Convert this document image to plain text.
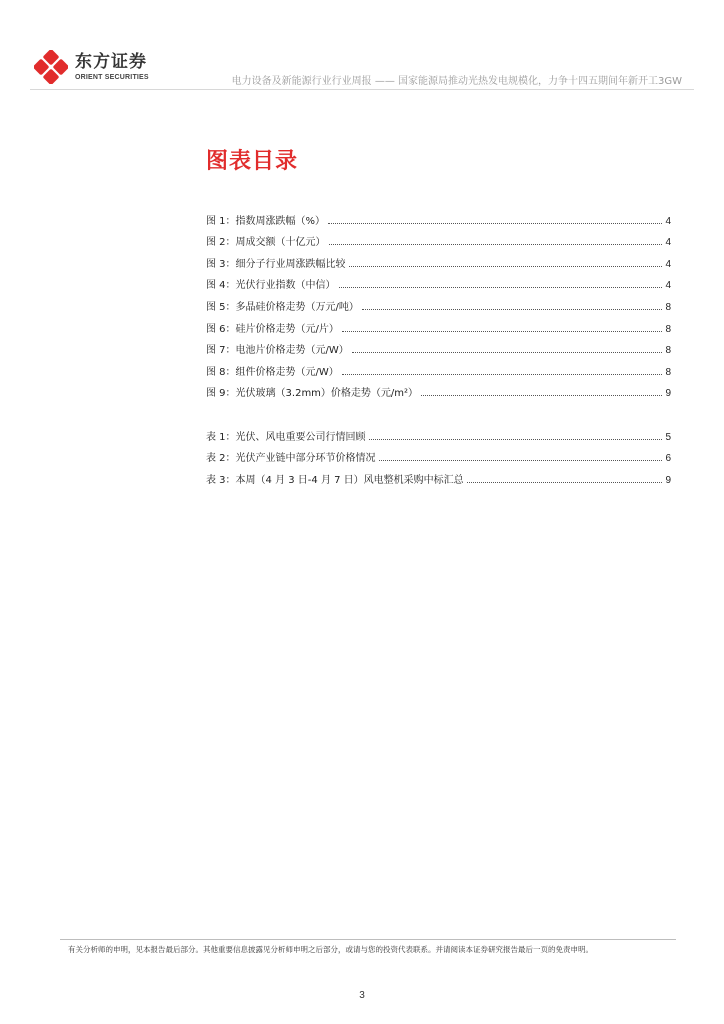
东方证券
ORIENT SECURITIES	电力设备及新能源行业行业周报 —— 国家能源局推动光热发电规模化，力争十四五期间年新开工3GW
图表目录
图 1：指数周涨跌幅（%）	4
图 2：周成交额（十亿元）	4
图 3：细分子行业周涨跌幅比较	4
图 4：光伏行业指数（中信）	4
图 5：多晶硅价格走势（万元/吨）	8
图 6：硅片价格走势（元/片）	8
图 7：电池片价格走势（元/W）	8
图 8：组件价格走势（元/W）	8
图 9：光伏玻璃（3.2mm）价格走势（元/m²）	9
表 1：光伏、风电重要公司行情回顾	5
表 2：光伏产业链中部分环节价格情况	6
表 3：本周（4 月 3 日-4 月 7 日）风电整机采购中标汇总	9
有关分析师的申明，见本报告最后部分。其他重要信息披露见分析师申明之后部分，或请与您的投资代表联系。并请阅读本证券研究报告最后一页的免责申明。
3
